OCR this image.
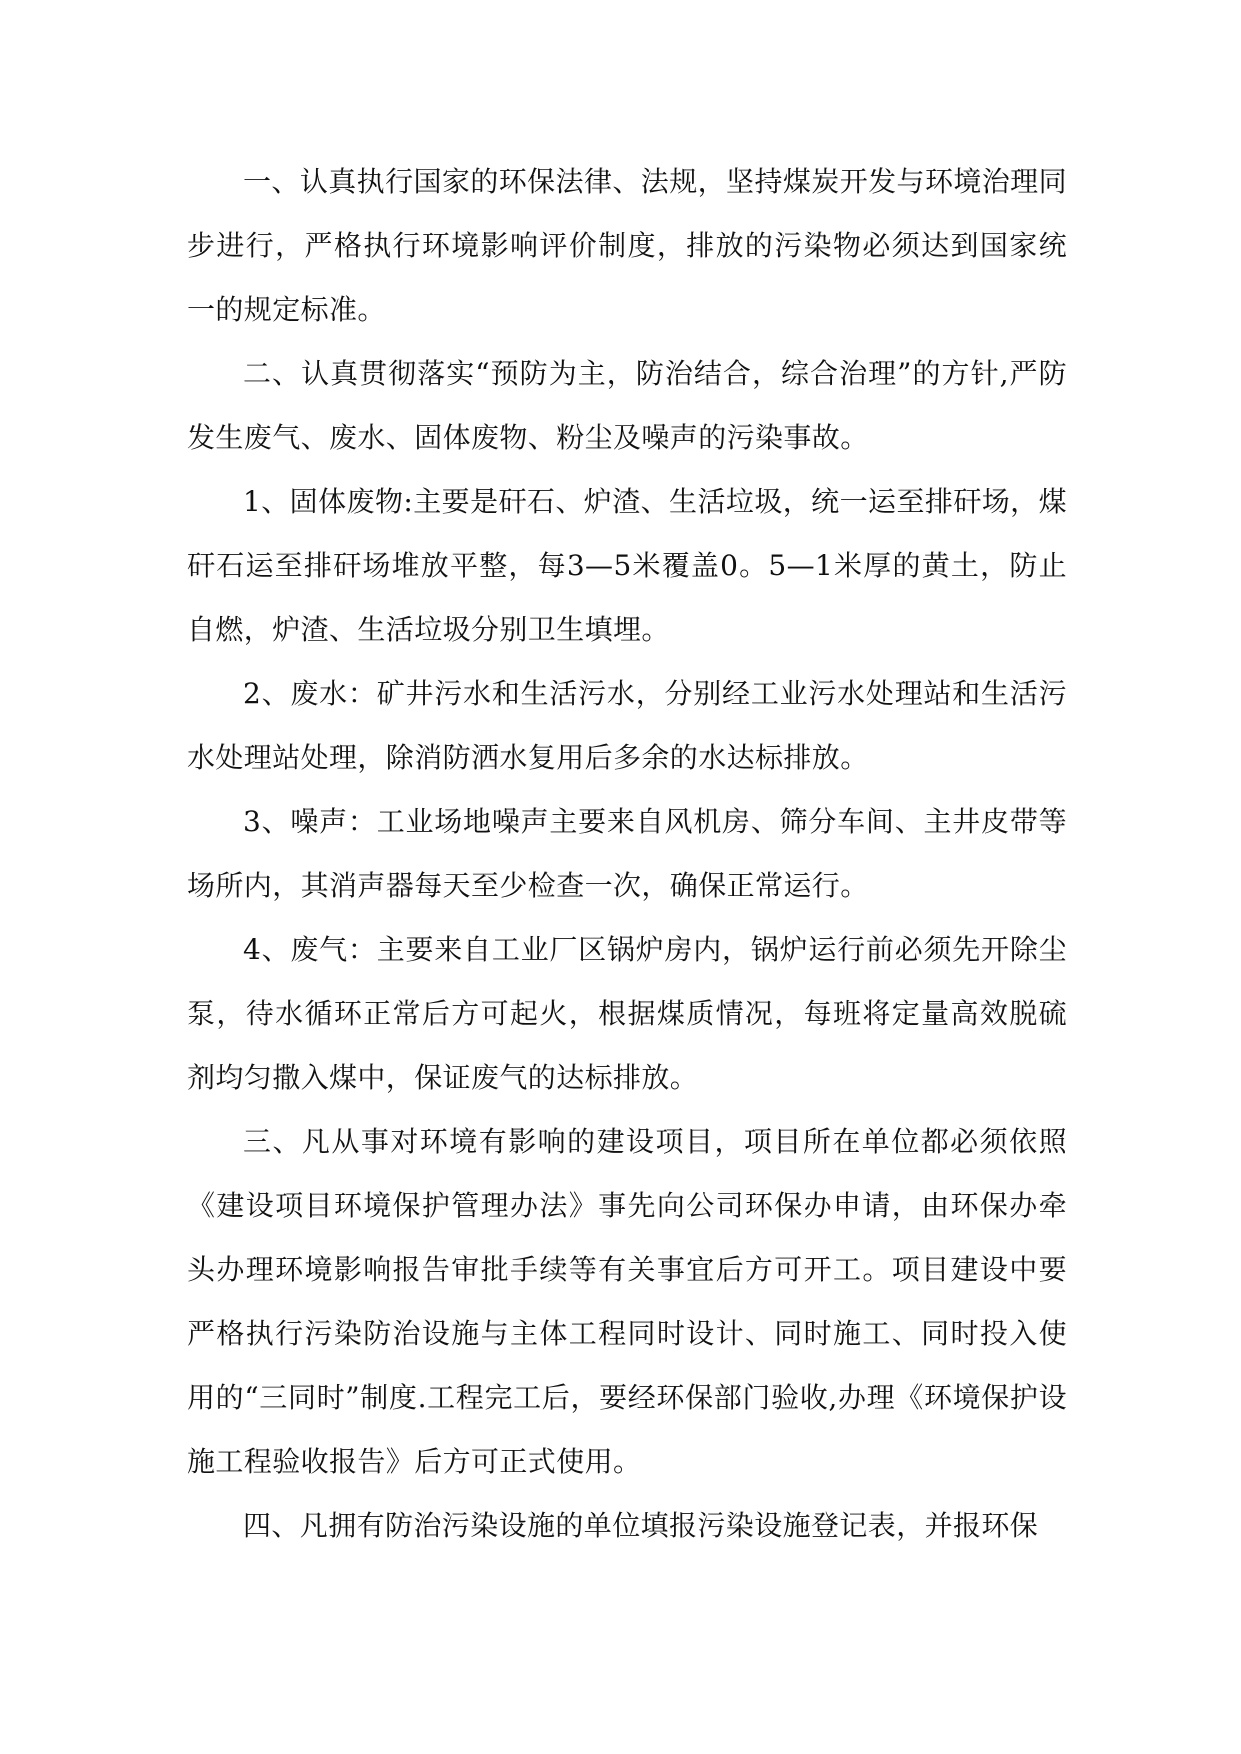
一、认真执行国家的环保法律、法规，坚持煤炭开发与环境治理同步进行，严格执行环境影响评价制度，排放的污染物必须达到国家统一的规定标准。

二、认真贯彻落实“预防为主，防治结合，综合治理”的方针,严防发生废气、废水、固体废物、粉尘及噪声的污染事故。

1、固体废物:主要是矸石、炉渣、生活垃圾，统一运至排矸场，煤矸石运至排矸场堆放平整，每3—5米覆盖0。5—1米厚的黄土，防止自燃，炉渣、生活垃圾分别卫生填埋。

2、废水：矿井污水和生活污水，分别经工业污水处理站和生活污水处理站处理，除消防洒水复用后多余的水达标排放。

3、噪声：工业场地噪声主要来自风机房、筛分车间、主井皮带等场所内，其消声器每天至少检查一次，确保正常运行。

4、废气：主要来自工业厂区锅炉房内，锅炉运行前必须先开除尘泵，待水循环正常后方可起火，根据煤质情况，每班将定量高效脱硫剂均匀撒入煤中，保证废气的达标排放。

三、凡从事对环境有影响的建设项目，项目所在单位都必须依照《建设项目环境保护管理办法》事先向公司环保办申请，由环保办牵头办理环境影响报告审批手续等有关事宜后方可开工。项目建设中要严格执行污染防治设施与主体工程同时设计、同时施工、同时投入使用的“三同时”制度.工程完工后，要经环保部门验收,办理《环境保护设施工程验收报告》后方可正式使用。

四、凡拥有防治污染设施的单位填报污染设施登记表，并报环保
